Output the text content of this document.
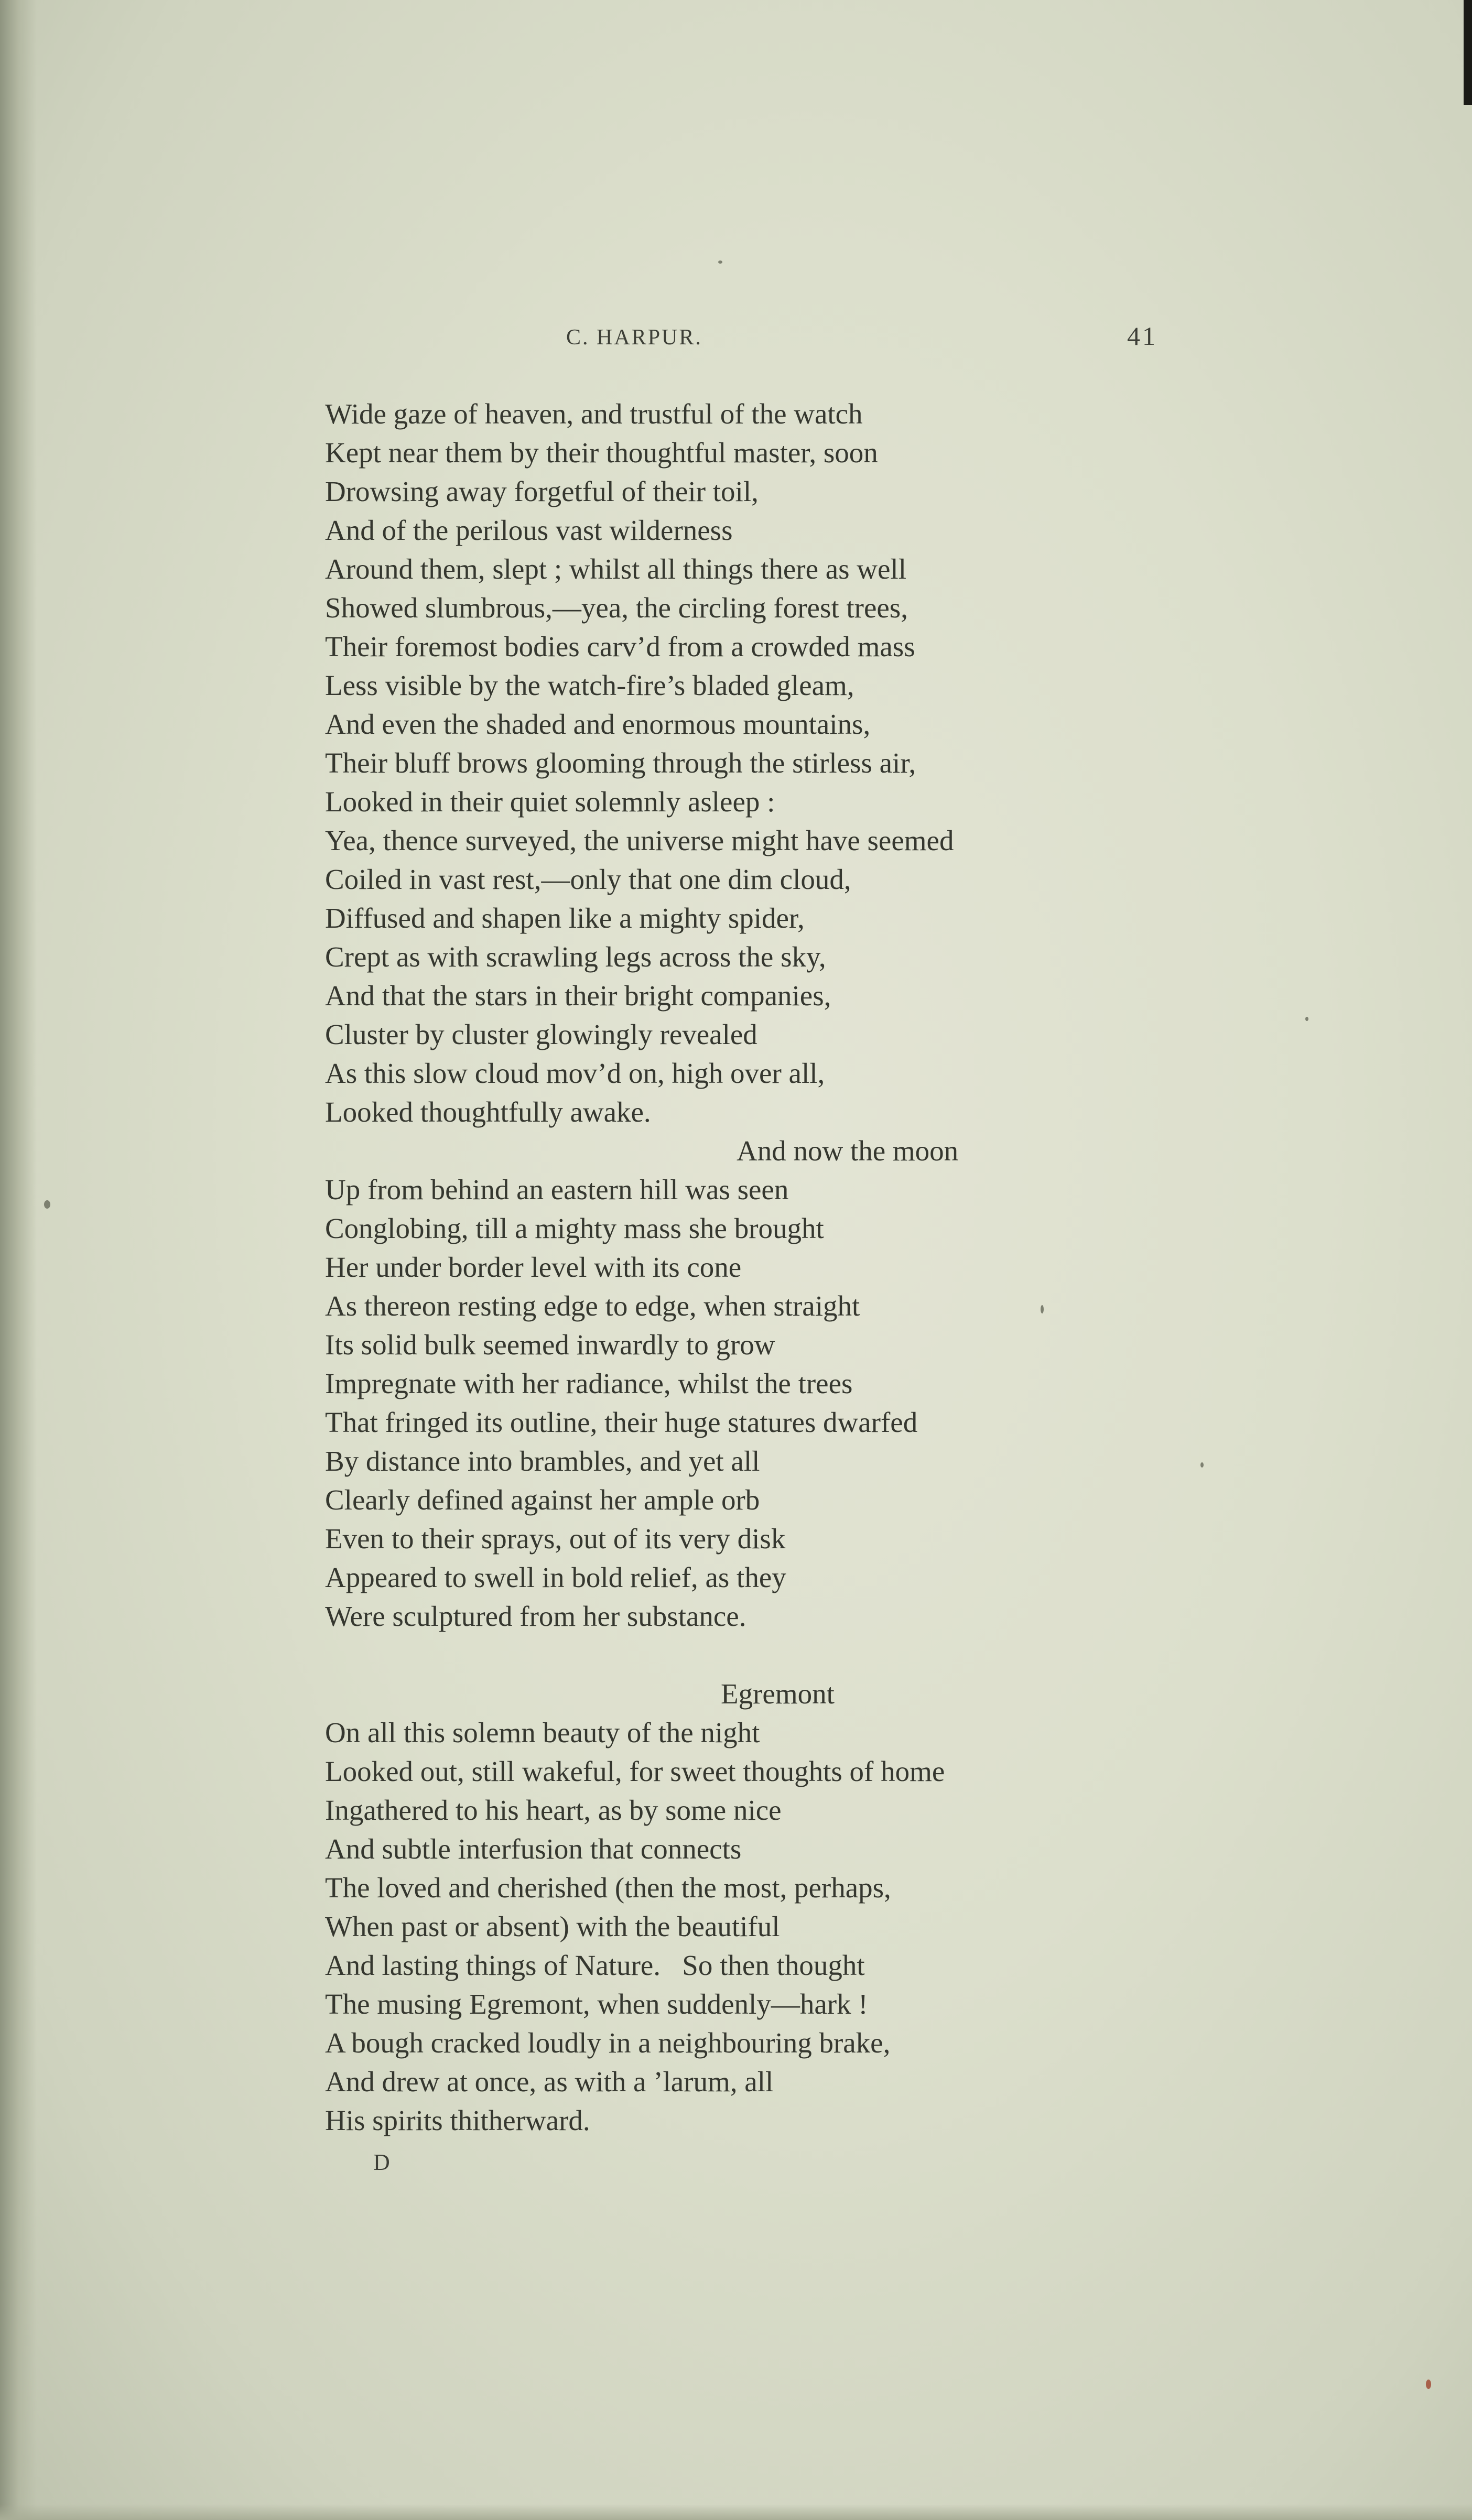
C. HARPUR.	41
Wide gaze of heaven, and trustful of the watch
Kept near them by their thoughtful master, soon
Drowsing away forgetful of their toil,
And of the perilous vast wilderness
Around them, slept ; whilst all things there as well
Showed slumbrous,—yea, the circling forest trees,
Their foremost bodies carv’d from a crowded mass
Less visible by the watch-fire’s bladed gleam,
And even the shaded and enormous mountains,
Their bluff brows glooming through the stirless air,
Looked in their quiet solemnly asleep :
Yea, thence surveyed, the universe might have seemed
Coiled in vast rest,—only that one dim cloud,
Diffused and shapen like a mighty spider,
Crept as with scrawling legs across the sky,
And that the stars in their bright companies,
Cluster by cluster glowingly revealed
As this slow cloud mov’d on, high over all,
Looked thoughtfully awake.
And now the moon
Up from behind an eastern hill was seen
Conglobing, till a mighty mass she brought
Her under border level with its cone
As thereon resting edge to edge, when straight
Its solid bulk seemed inwardly to grow
Impregnate with her radiance, whilst the trees
That fringed its outline, their huge statures dwarfed
By distance into brambles, and yet all
Clearly defined against her ample orb
Even to their sprays, out of its very disk
Appeared to swell in bold relief, as they
Were sculptured from her substance.
Egremont
On all this solemn beauty of the night
Looked out, still wakeful, for sweet thoughts of home
Ingathered to his heart, as by some nice
And subtle interfusion that connects
The loved and cherished (then the most, perhaps,
When past or absent) with the beautiful
And lasting things of Nature.   So then thought
The musing Egremont, when suddenly—hark !
A bough cracked loudly in a neighbouring brake,
And drew at once, as with a ’larum, all
His spirits thitherward.
D
